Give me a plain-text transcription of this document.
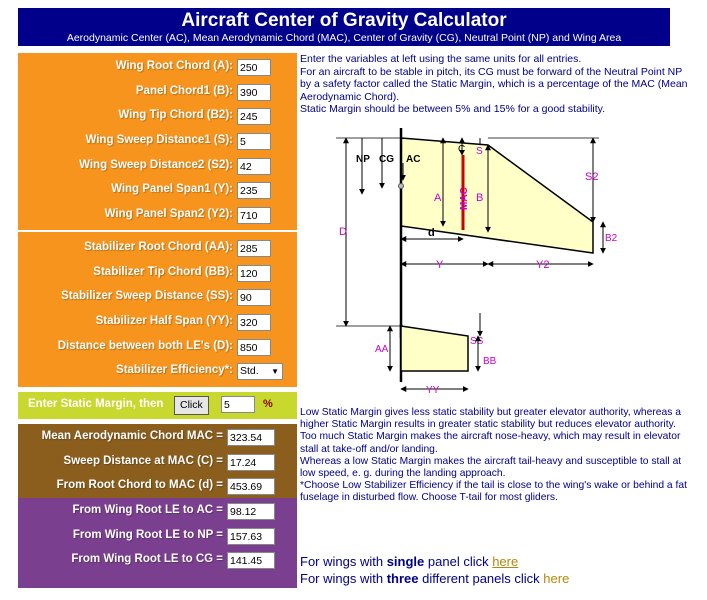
Aircraft Center of Gravity Calculator
Aerodynamic Center (AC), Mean Aerodynamic Chord (MAC), Center of Gravity (CG), Neutral Point (NP) and Wing Area
Wing Root Chord (A): 250
Panel Chord1 (B): 390
Wing Tip Chord (B2): 245
Wing Sweep Distance1 (S): 5
Wing Sweep Distance2 (S2): 42
Wing Panel Span1 (Y): 235
Wing Panel Span2 (Y2): 710
Stabilizer Root Chord (AA): 285
Stabilizer Tip Chord (BB): 120
Stabilizer Sweep Distance (SS): 90
Stabilizer Half Span (YY): 320
Distance between both LE's (D): 850
Stabilizer Efficiency*: Std. ▼
Enter Static Margin, then	Click	5	%
Mean Aerodynamic Chord MAC = 323.54
Sweep Distance at MAC (C) = 17.24
From Root Chord to MAC (d) = 453.69
From Wing Root LE to AC = 98.12
From Wing Root LE to NP = 157.63
From Wing Root LE to CG = 141.45
Enter the variables at left using the same units for all entries.
For an aircraft to be stable in pitch, its CG must be forward of the Neutral Point NP by a safety factor called the Static Margin, which is a percentage of the MAC (Mean Aerodynamic Chord).
Static Margin should be between 5% and 15% for a good stability.
D
NP CG AC
C S
A MAC B
S2
B2
d
Y	Y2
AA
SS
BB
YY
Low Static Margin gives less static stability but greater elevator authority, whereas a higher Static Margin results in greater static stability but reduces elevator authority.
Too much Static Margin makes the aircraft nose-heavy, which may result in elevator stall at take-off and/or landing.
Whereas a low Static Margin makes the aircraft tail-heavy and susceptible to stall at low speed, e. g. during the landing approach.
*Choose Low Stabilizer Efficiency if the tail is close to the wing's wake or behind a fat fuselage in disturbed flow. Choose T-tail for most gliders.
For wings with single panel click here
For wings with three different panels click here
